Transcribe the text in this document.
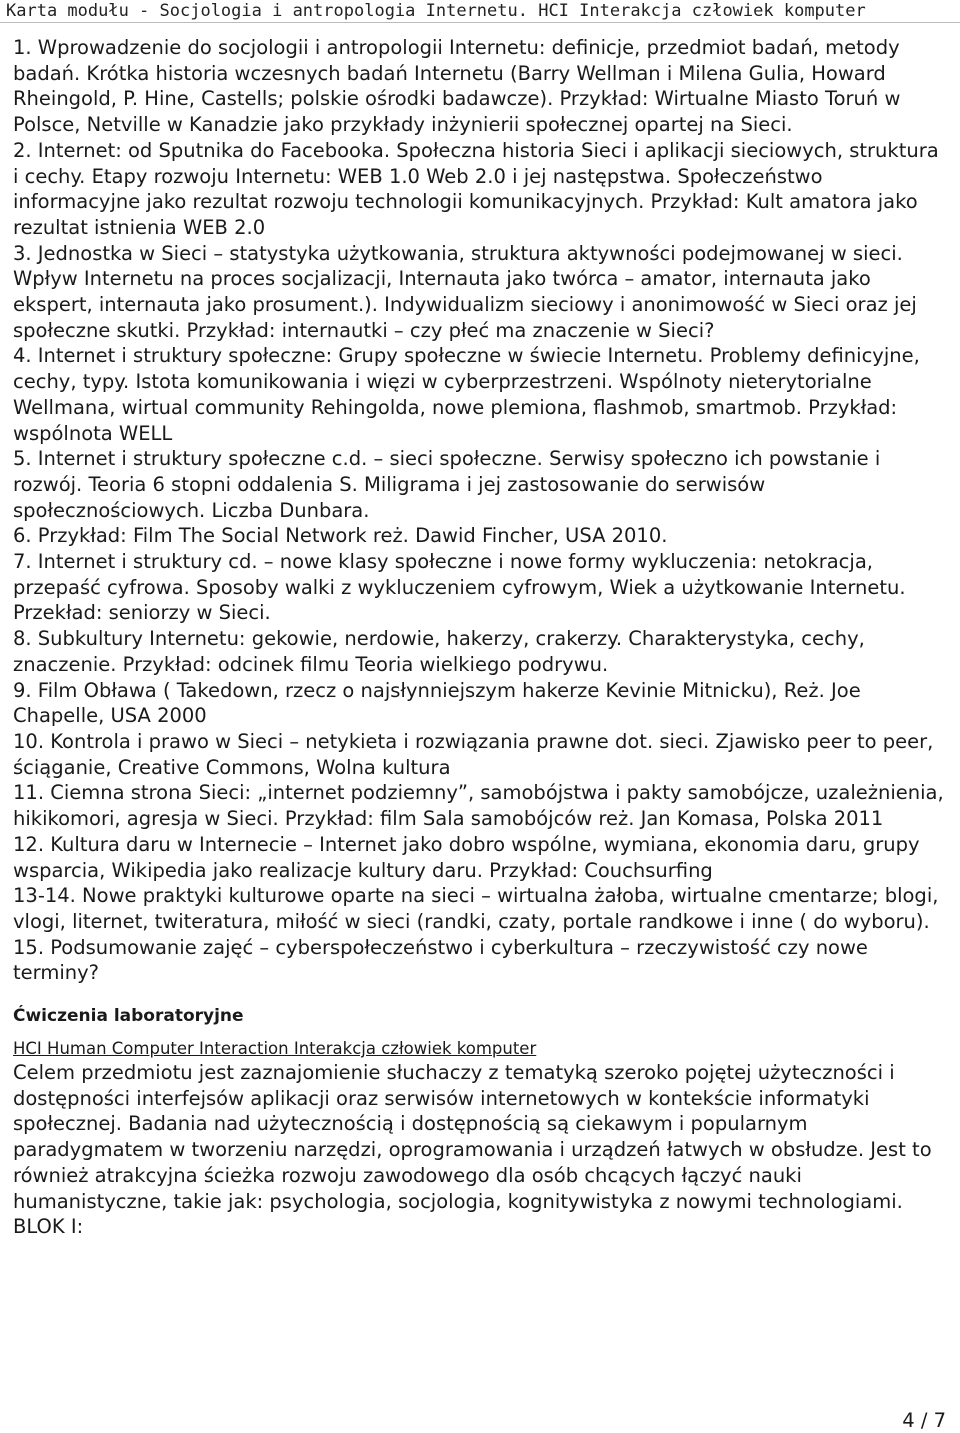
Karta modułu - Socjologia i antropologia Internetu. HCI Interakcja człowiek komputer

1. Wprowadzenie do socjologii i antropologii Internetu: definicje, przedmiot badań, metody badań. Krótka historia wczesnych badań Internetu (Barry Wellman i Milena Gulia, Howard Rheingold, P. Hine, Castells; polskie ośrodki badawcze). Przykład: Wirtualne Miasto Toruń w Polsce, Netville w Kanadzie jako przykłady inżynierii społecznej opartej na Sieci.

2. Internet: od Sputnika do Facebooka. Społeczna historia Sieci i aplikacji sieciowych, struktura i cechy. Etapy rozwoju Internetu: WEB 1.0 Web 2.0 i jej następstwa. Społeczeństwo informacyjne jako rezultat rozwoju technologii komunikacyjnych. Przykład: Kult amatora jako rezultat istnienia WEB 2.0

3. Jednostka w Sieci – statystyka użytkowania, struktura aktywności podejmowanej w sieci. Wpływ Internetu na proces socjalizacji, Internauta jako twórca – amator, internauta jako ekspert, internauta jako prosument.). Indywidualizm sieciowy i anonimowość w Sieci oraz jej społeczne skutki. Przykład: internautki – czy płeć ma znaczenie w Sieci?

4. Internet i struktury społeczne: Grupy społeczne w świecie Internetu. Problemy definicyjne, cechy, typy. Istota komunikowania i więzi w cyberprzestrzeni. Wspólnoty nieterytorialne Wellmana, wirtual community Rehingolda, nowe plemiona, flashmob, smartmob. Przykład: wspólnota WELL

5. Internet i struktury społeczne c.d. – sieci społeczne. Serwisy społeczno ich powstanie i rozwój. Teoria 6 stopni oddalenia S. Miligrama i jej zastosowanie do serwisów społecznościowych. Liczba Dunbara.

6. Przykład: Film The Social Network reż. Dawid Fincher, USA 2010.

7. Internet i struktury cd. – nowe klasy społeczne i nowe formy wykluczenia: netokracja, przepaść cyfrowa. Sposoby walki z wykluczeniem cyfrowym, Wiek a użytkowanie Internetu. Przekład: seniorzy w Sieci.

8. Subkultury Internetu: gekowie, nerdowie, hakerzy, crakerzy. Charakterystyka, cechy, znaczenie. Przykład: odcinek filmu Teoria wielkiego podrywu.

9. Film Obława ( Takedown, rzecz o najsłynniejszym hakerze Kevinie Mitnicku), Reż. Joe Chapelle, USA 2000

10. Kontrola i prawo w Sieci – netykieta i rozwiązania prawne dot. sieci. Zjawisko peer to peer, ściąganie, Creative Commons, Wolna kultura

11. Ciemna strona Sieci: „internet podziemny”, samobójstwa i pakty samobójcze, uzależnienia, hikikomori, agresja w Sieci. Przykład: film Sala samobójców reż. Jan Komasa, Polska 2011

12. Kultura daru w Internecie – Internet jako dobro wspólne, wymiana, ekonomia daru, grupy wsparcia, Wikipedia jako realizacje kultury daru. Przykład: Couchsurfing

13-14. Nowe praktyki kulturowe oparte na sieci – wirtualna żałoba, wirtualne cmentarze; blogi, vlogi, liternet, twiteratura, miłość w sieci (randki, czaty, portale randkowe i inne ( do wyboru).

15. Podsumowanie zajęć – cyberspołeczeństwo i cyberkultura – rzeczywistość czy nowe terminy?

Ćwiczenia laboratoryjne
HCI Human Computer Interaction Interakcja człowiek komputer

Celem przedmiotu jest zaznajomienie słuchaczy z tematyką szeroko pojętej użyteczności i dostępności interfejsów aplikacji oraz serwisów internetowych w kontekście informatyki społecznej. Badania nad użytecznością i dostępnością są ciekawym i popularnym paradygmatem w tworzeniu narzędzi, oprogramowania i urządzeń łatwych w obsłudze. Jest to również atrakcyjna ścieżka rozwoju zawodowego dla osób chcących łączyć nauki humanistyczne, takie jak: psychologia, socjologia, kognitywistyka z nowymi technologiami.

BLOK I:

4 / 7
